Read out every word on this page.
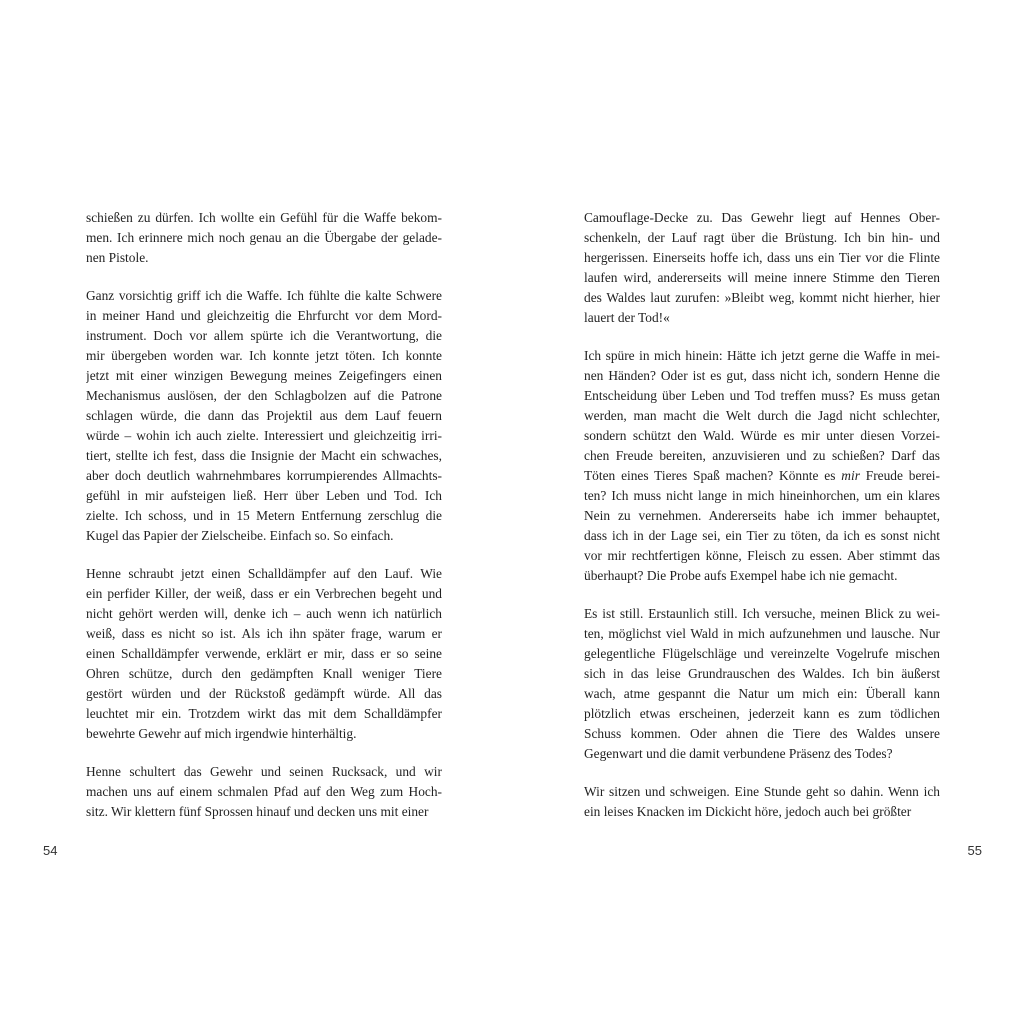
schießen zu dürfen. Ich wollte ein Gefühl für die Waffe bekom-
men. Ich erinnere mich noch genau an die Übergabe der gelade-
nen Pistole.
Ganz vorsichtig griff ich die Waffe. Ich fühlte die kalte Schwere
in meiner Hand und gleichzeitig die Ehrfurcht vor dem Mord-
instrument. Doch vor allem spürte ich die Verantwortung, die
mir übergeben worden war. Ich konnte jetzt töten. Ich konnte
jetzt mit einer winzigen Bewegung meines Zeigefingers einen
Mechanismus auslösen, der den Schlagbolzen auf die Patrone
schlagen würde, die dann das Projektil aus dem Lauf feuern
würde – wohin ich auch zielte. Interessiert und gleichzeitig irri-
tiert, stellte ich fest, dass die Insignie der Macht ein schwaches,
aber doch deutlich wahrnehmbares korrumpierendes Allmachts-
gefühl in mir aufsteigen ließ. Herr über Leben und Tod. Ich
zielte. Ich schoss, und in 15 Metern Entfernung zerschlug die
Kugel das Papier der Zielscheibe. Einfach so. So einfach.
Henne schraubt jetzt einen Schalldämpfer auf den Lauf. Wie
ein perfider Killer, der weiß, dass er ein Verbrechen begeht und
nicht gehört werden will, denke ich – auch wenn ich natürlich
weiß, dass es nicht so ist. Als ich ihn später frage, warum er
einen Schalldämpfer verwende, erklärt er mir, dass er so seine
Ohren schütze, durch den gedämpften Knall weniger Tiere
gestört würden und der Rückstoß gedämpft würde. All das
leuchtet mir ein. Trotzdem wirkt das mit dem Schalldämpfer
bewehrte Gewehr auf mich irgendwie hinterhältig.
Henne schultert das Gewehr und seinen Rucksack, und wir
machen uns auf einem schmalen Pfad auf den Weg zum Hoch-
sitz. Wir klettern fünf Sprossen hinauf und decken uns mit einer
54
Camouflage-Decke zu. Das Gewehr liegt auf Hennes Ober-
schenkeln, der Lauf ragt über die Brüstung. Ich bin hin- und
hergerissen. Einerseits hoffe ich, dass uns ein Tier vor die Flinte
laufen wird, andererseits will meine innere Stimme den Tieren
des Waldes laut zurufen: »Bleibt weg, kommt nicht hierher, hier
lauert der Tod!«
Ich spüre in mich hinein: Hätte ich jetzt gerne die Waffe in mei-
nen Händen? Oder ist es gut, dass nicht ich, sondern Henne die
Entscheidung über Leben und Tod treffen muss? Es muss getan
werden, man macht die Welt durch die Jagd nicht schlechter,
sondern schützt den Wald. Würde es mir unter diesen Vorzei-
chen Freude bereiten, anzuvisieren und zu schießen? Darf das
Töten eines Tieres Spaß machen? Könnte es mir Freude berei-
ten? Ich muss nicht lange in mich hineinhorchen, um ein klares
Nein zu vernehmen. Andererseits habe ich immer behauptet,
dass ich in der Lage sei, ein Tier zu töten, da ich es sonst nicht
vor mir rechtfertigen könne, Fleisch zu essen. Aber stimmt das
überhaupt? Die Probe aufs Exempel habe ich nie gemacht.
Es ist still. Erstaunlich still. Ich versuche, meinen Blick zu wei-
ten, möglichst viel Wald in mich aufzunehmen und lausche. Nur
gelegentliche Flügelschläge und vereinzelte Vogelrufe mischen
sich in das leise Grundrauschen des Waldes. Ich bin äußerst
wach, atme gespannt die Natur um mich ein: Überall kann
plötzlich etwas erscheinen, jederzeit kann es zum tödlichen
Schuss kommen. Oder ahnen die Tiere des Waldes unsere
Gegenwart und die damit verbundene Präsenz des Todes?
Wir sitzen und schweigen. Eine Stunde geht so dahin. Wenn ich
ein leises Knacken im Dickicht höre, jedoch auch bei größter
55
